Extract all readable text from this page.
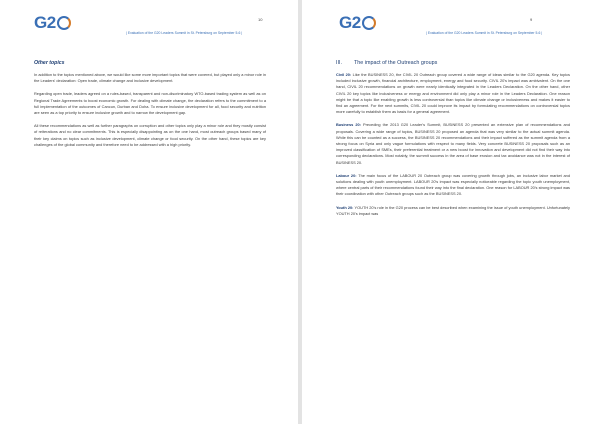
G2	10
| Evaluation of the G20 Leaders Summit in St. Petersburg on September 5-6 |
Other topics

In addition to the topics mentioned above, we would like some more important topics that were covered, but played only a minor role in the Leaders' declaration: Open trade, climate change and inclusive development.

Regarding open trade, leaders agreed on a rules-based, transparent and non-discriminatory WTO-based trading system as well as on Regional Trade Agreements to boost economic growth. For dealing with climate change, the declaration refers to the commitment to a full implementation of the outcomes of Cancun, Durban and Doha. To ensure inclusive development for all, food security and nutrition are seen as a top priority to ensure inclusive growth and to narrow the development gap.

All these recommendations as well as further paragraphs on corruption and other topics only play a minor role and they mostly consist of reiterations and no clear commitments. This is especially disappointing as on the one hand, most outreach groups based many of their key claims on topics such as inclusive development, climate change or food security. On the other hand, these topics are key challenges of the global community and therefore need to be addressed with a high priority.

G2	9
| Evaluation of the G20 Leaders Summit in St. Petersburg on September 5-6 |
III.	The impact of the Outreach groups

Civil 20: Like the BUSINESS 20, the CIVIL 20 Outreach group covered a wide range of ideas similar to the G20 agenda. Key topics included inclusive growth, financial architecture, employment, energy and food security. CIVIL 20's impact was ambivalent. On the one hand, CIVIL 20 recommendations on growth were nearly identically integrated in the Leaders Declaration. On the other hand, other CIVIL 20 key topics like inclusiveness or energy and environment did only play a minor role in the Leaders Declaration. One reason might be that a topic like enabling growth is less controversial than topics like climate change or inclusiveness and makes it easier to find an agreement. For the next summits, CIVIL 20 could improve its impact by formulating recommendations on controversial topics more carefully to establish them as basis for a general agreement.

Business 20: Preceding the 2013 G20 Leader's Summit, BUSINESS 20 presented an extensive plan of recommendations and proposals. Covering a wide range of topics, BUSINESS 20 proposed an agenda that was very similar to the actual summit agenda. While this can be counted as a success, the BUSINESS 20 recommendations and their impact suffered as the summit agenda from a strong focus on Syria and only vague formulations with respect to many fields. Very concrete BUSINESS 20 proposals such as an improved classification of SMEs, their preferential treatment or a new boost for innovation and development did not find their way into corresponding declarations. Most notably, the summit success in the area of base erosion and tax avoidance was not in the interest of BUSINESS 20.

Labour 20: The main focus of the LABOUR 20 Outreach group was covering growth through jobs, an inclusive labor market and solutions dealing with youth unemployment. LABOUR 20's impact was especially noticeable regarding the topic youth unemployment, where central parts of their recommendations found their way into the final declaration. One reason for LABOUR 20's strong impact was their coordination with other Outreach groups such as the BUSINESS 20.

Youth 20: YOUTH 20's role in the G20 process can be best described when examining the issue of youth unemployment. Unfortunately YOUTH 20's impact was
